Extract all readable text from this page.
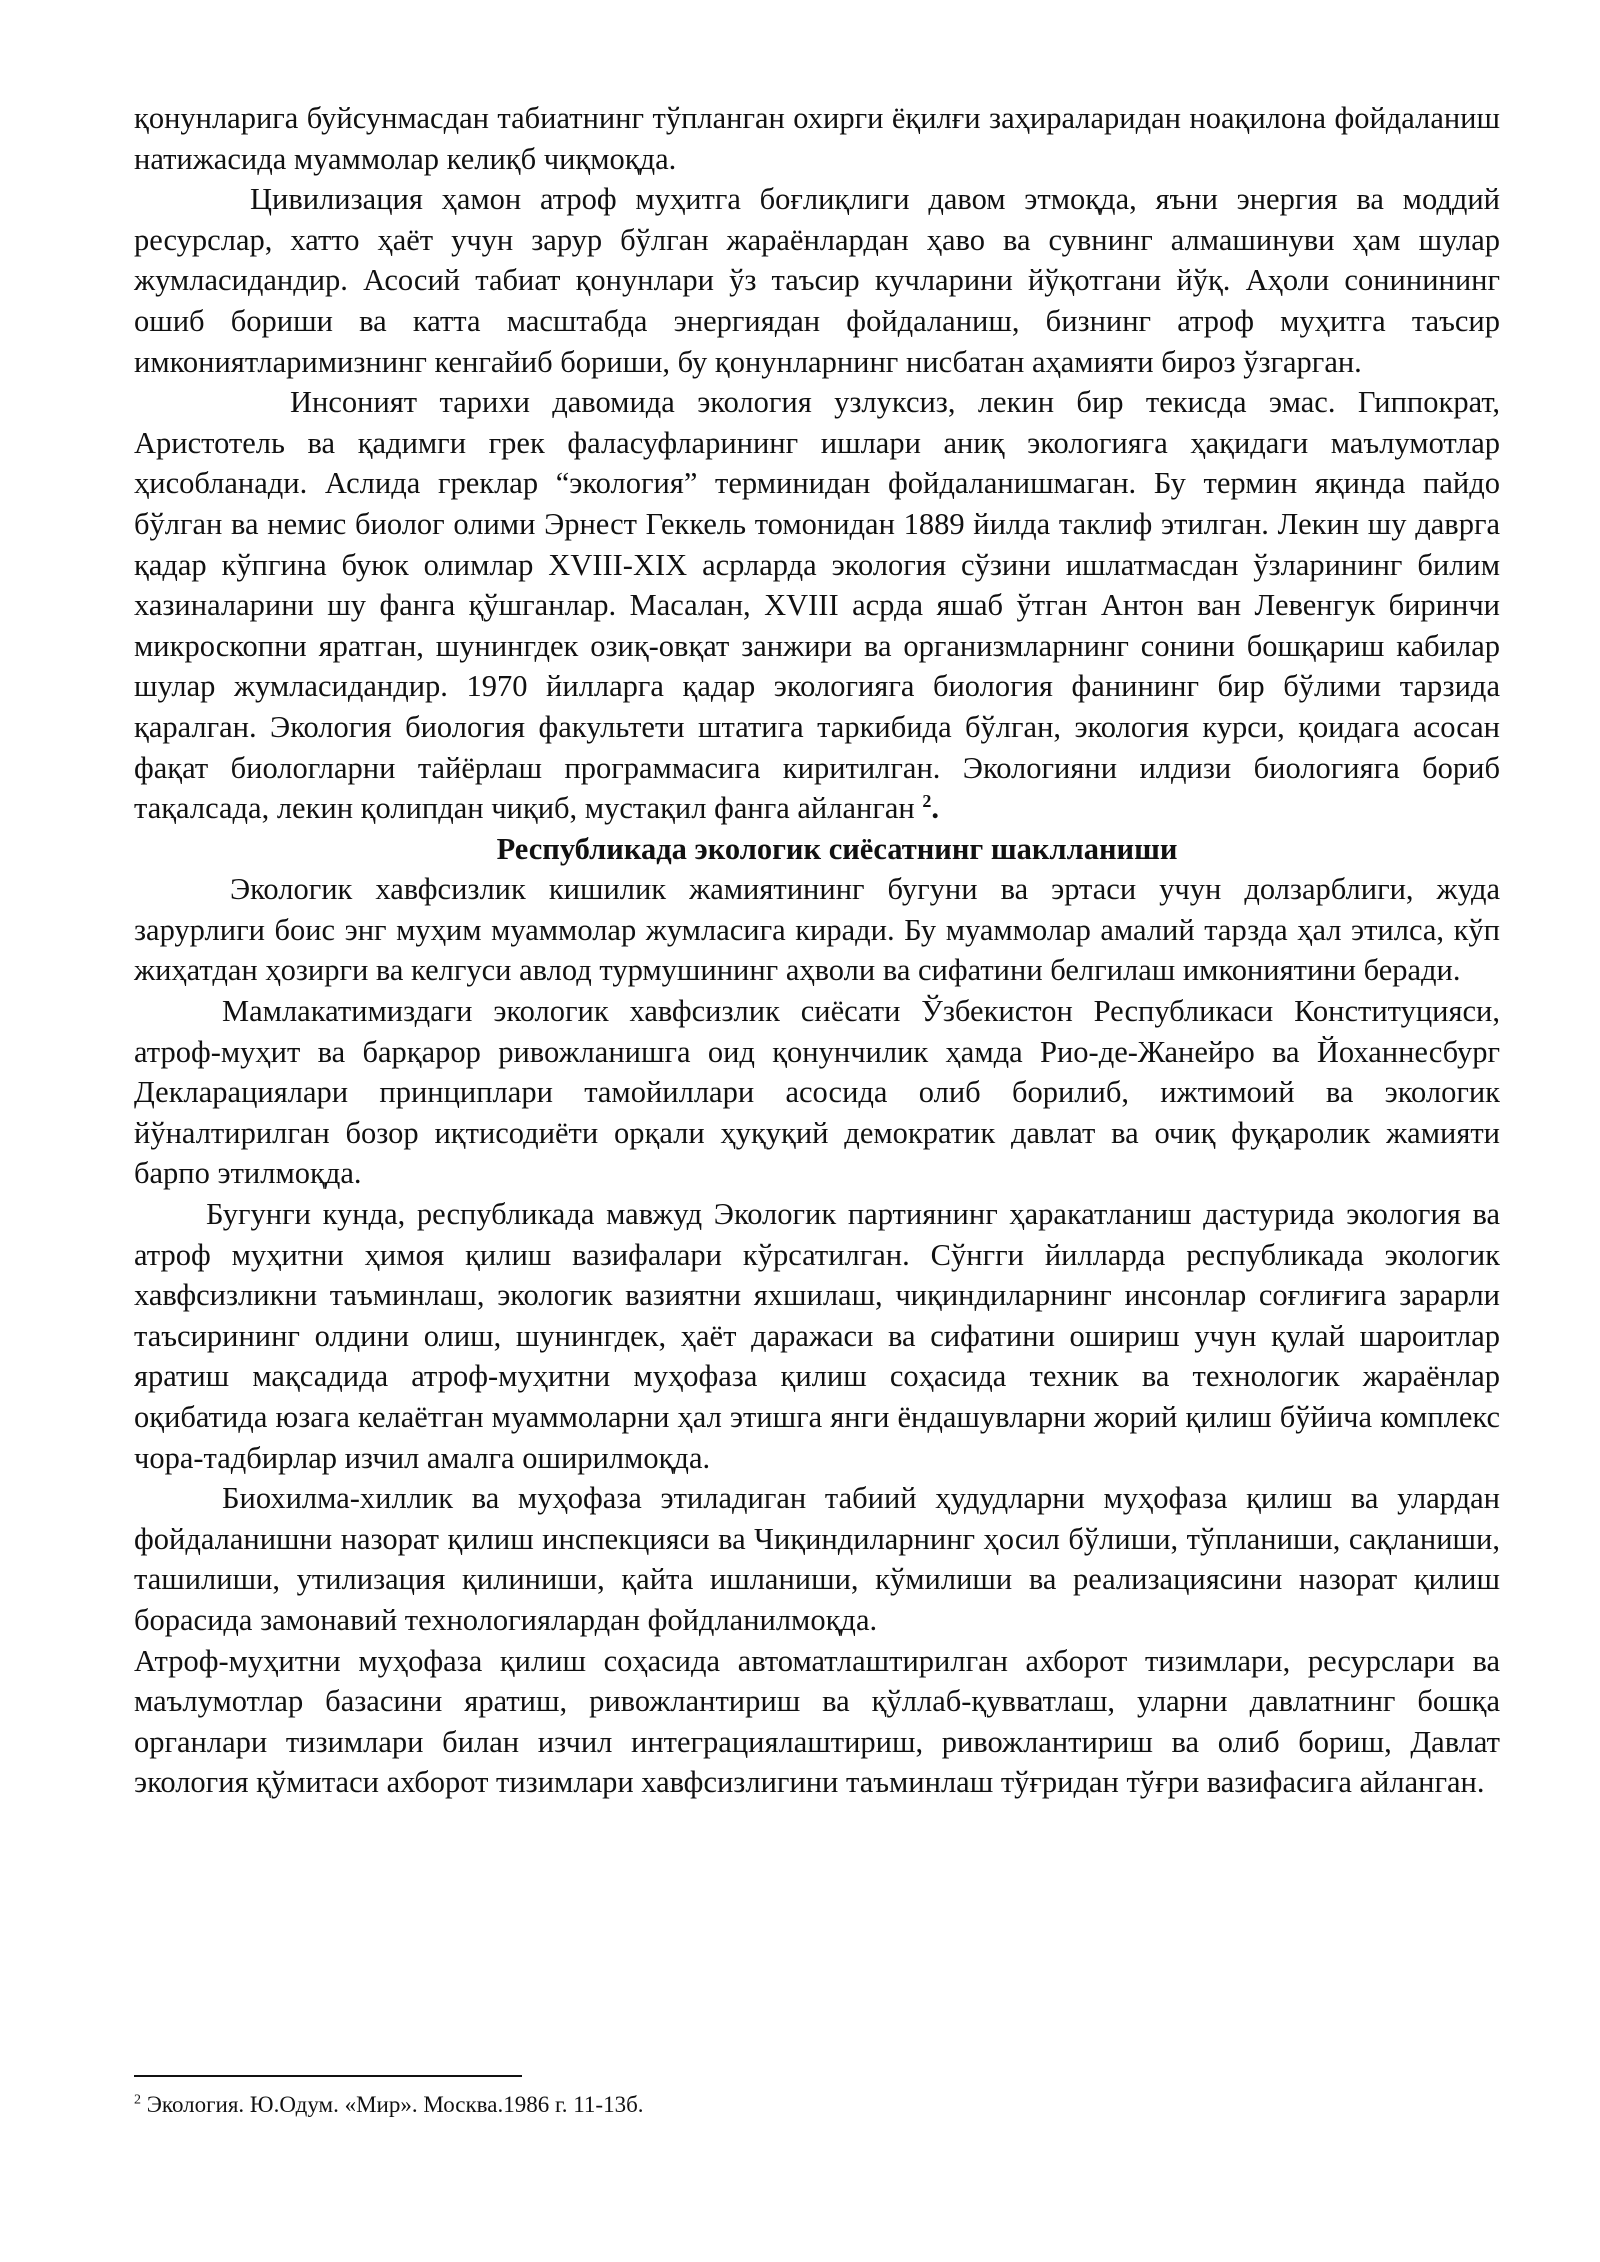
қонунларига буйсунмасдан табиатнинг тўпланган охирги ёқилғи заҳираларидан ноақилона фойдаланиш натижасида муаммолар келиқб чиқмоқда.

Цивилизация ҳамон атроф муҳитга боғлиқлиги давом этмоқда, яъни энергия ва моддий ресурслар, хатто ҳаёт учун зарур бўлган жараёнлардан ҳаво ва сувнинг алмашинуви ҳам шулар жумласидандир. Асосий табиат қонунлари ўз таъсир кучларини йўқотгани йўқ. Аҳоли сонинининг ошиб бориши ва катта масштабда энергиядан фойдаланиш, бизнинг атроф муҳитга таъсир имкониятларимизнинг кенгайиб бориши, бу қонунларнинг нисбатан аҳамияти бироз ўзгарган.

Инсоният тарихи давомида экология узлуксиз, лекин бир текисда эмас. Гиппократ, Аристотель ва қадимги грек фаласуфларининг ишлари аниқ экологияга ҳақидаги маълумотлар ҳисобланади. Аслида греклар “экология” терминидан фойдаланишмаган. Бу термин яқинда пайдо бўлган ва немис биолог олими Эрнест Геккель томонидан 1889 йилда таклиф этилган. Лекин шу даврга қадар кўпгина буюк олимлар XVIII-XIX асрларда экология сўзини ишлатмасдан ўзларининг билим хазиналарини шу фанга қўшганлар. Масалан, XVIII асрда яшаб ўтган Антон ван Левенгук биринчи микроскопни яратган, шунингдек озиқ-овқат занжири ва организмларнинг сонини бошқариш кабилар шулар жумласидандир. 1970 йилларга қадар экологияга биология фанининг бир бўлими тарзида қаралган. Экология биология факультети штатига таркибида бўлган, экология курси, қоидага асосан фақат биологларни тайёрлаш программасига киритилган. Экологияни илдизи биологияга бориб тақалсада, лекин қолипдан чиқиб, мустақил фанга айланган $^2$.

Республикада экологик сиёсатнинг шаклланиши

Экологик хавфсизлик кишилик жамиятининг бугуни ва эртаси учун долзарблиги, жуда зарурлиги боис энг муҳим муаммолар жумласига киради. Бу муаммолар амалий тарзда ҳал этилса, кўп жиҳатдан ҳозирги ва келгуси авлод турмушининг аҳволи ва сифатини белгилаш имкониятини беради.

Мамлакатимиздаги экологик хавфсизлик сиёсати Ўзбекистон Республикаси Конституцияси, атроф-муҳит ва барқарор ривожланишга оид қонунчилик ҳамда Рио-де-Жанейро ва Йоханнесбург Декларациялари принциплари тамойиллари асосида олиб борилиб, ижтимоий ва экологик йўналтирилган бозор иқтисодиёти орқали ҳуқуқий демократик давлат ва очиқ фуқаролик жамияти барпо этилмоқда.

Бугунги кунда, республикада мавжуд Экологик партиянинг ҳаракатланиш дастурида экология ва атроф муҳитни ҳимоя қилиш вазифалари кўрсатилган. Сўнгги йилларда республикада экологик хавфсизликни таъминлаш, экологик вазиятни яхшилаш, чиқиндиларнинг инсонлар соғлиғига зарарли таъсирининг олдини олиш, шунингдек, ҳаёт даражаси ва сифатини ошириш учун қулай шароитлар яратиш мақсадида атроф-муҳитни муҳофаза қилиш соҳасида техник ва технологик жараёнлар оқибатида юзага келаётган муаммоларни ҳал этишга янги ёндашувларни жорий қилиш бўйича комплекс чора-тадбирлар изчил амалга оширилмоқда.

Биохилма-хиллик ва муҳофаза этиладиган табиий ҳудудларни муҳофаза қилиш ва улардан фойдаланишни назорат қилиш инспекцияси ва Чиқиндиларнинг ҳосил бўлиши, тўпланиши, сақланиши, ташилиши, утилизация қилиниши, қайта ишланиши, кўмилиши ва реализациясини назорат қилиш борасида замонавий технологиялардан фойдланилмоқда.

Атроф-муҳитни муҳофаза қилиш соҳасида автоматлаштирилган ахборот тизимлари, ресурслари ва маълумотлар базасини яратиш, ривожлантириш ва қўллаб-қувватлаш, уларни давлатнинг бошқа органлари тизимлари билан изчил интеграциялаштириш, ривожлантириш ва олиб бориш, Давлат экология қўмитаси ахборот тизимлари хавфсизлигини таъминлаш тўғридан тўғри вазифасига айланган.

$^2$ Экология. Ю.Одум. «Мир». Москва.1986 г. 11-13б.
